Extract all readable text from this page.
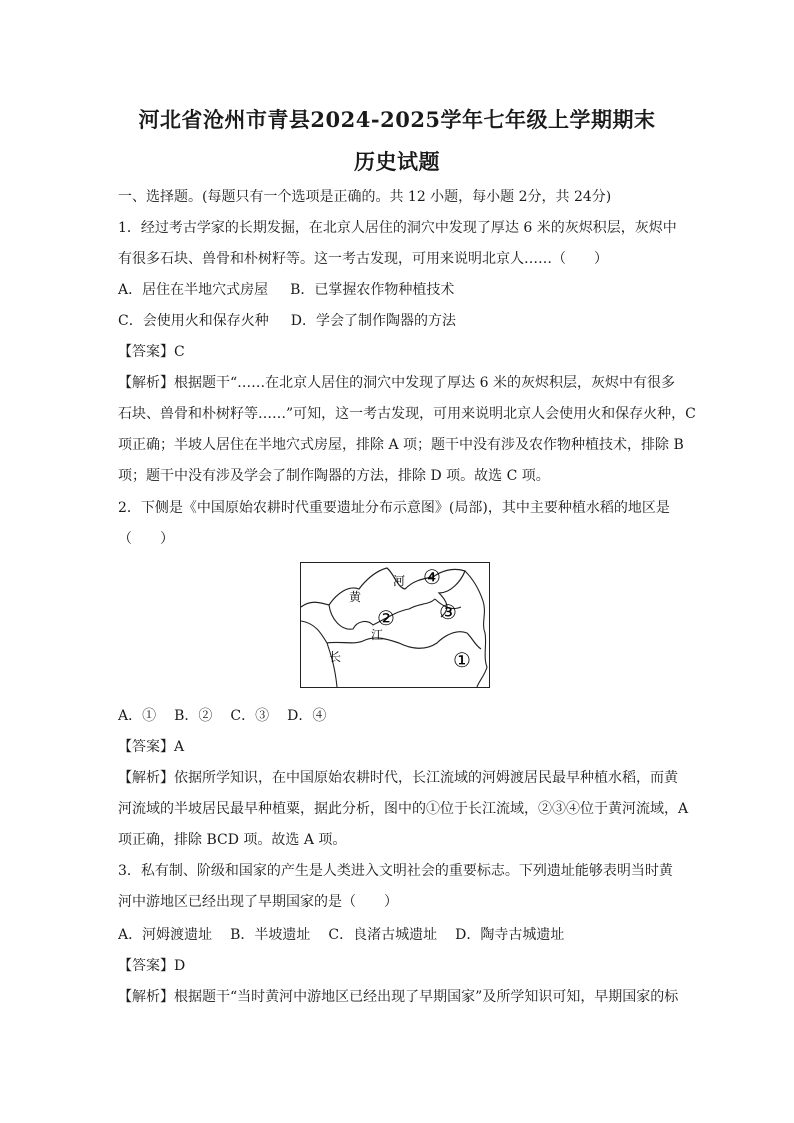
河北省沧州市青县2024-2025学年七年级上学期期末
历史试题

一、选择题。(每题只有一个选项是正确的。共 12 小题，每小题 2分，共 24分)

1．经过考古学家的长期发掘，在北京人居住的洞穴中发现了厚达 6 米的灰烬积层，灰烬中

有很多石块、兽骨和朴树籽等。这一考古发现，可用来说明北京人……（　　）

A．居住在半地穴式房屋 B．已掌握农作物种植技术
C．会使用火和保存火种 D．学会了制作陶器的方法

【答案】C

【解析】根据题干“……在北京人居住的洞穴中发现了厚达 6 米的灰烬积层，灰烬中有很多

石块、兽骨和朴树籽等……”可知，这一考古发现，可用来说明北京人会使用火和保存火种，C

项正确；半坡人居住在半地穴式房屋，排除 A 项；题干中没有涉及农作物种植技术，排除 B

项；题干中没有涉及学会了制作陶器的方法，排除 D 项。故选 C 项。

2．下侧是《中国原始农耕时代重要遗址分布示意图》(局部)，其中主要种植水稻的地区是

（　　）

黄
河
长
江
④
② ③
①
A．① B．② C．③ D．④

【答案】A

【解析】依据所学知识，在中国原始农耕时代，长江流域的河姆渡居民最早种植水稻，而黄

河流域的半坡居民最早种植粟，据此分析，图中的①位于长江流域，②③④位于黄河流域，A

项正确，排除 BCD 项。故选 A 项。

3．私有制、阶级和国家的产生是人类进入文明社会的重要标志。下列遗址能够表明当时黄

河中游地区已经出现了早期国家的是（　　）

A．河姆渡遗址 B．半坡遗址 C．良渚古城遗址 D．陶寺古城遗址

【答案】D

【解析】根据题干“当时黄河中游地区已经出现了早期国家”及所学知识可知，早期国家的标
